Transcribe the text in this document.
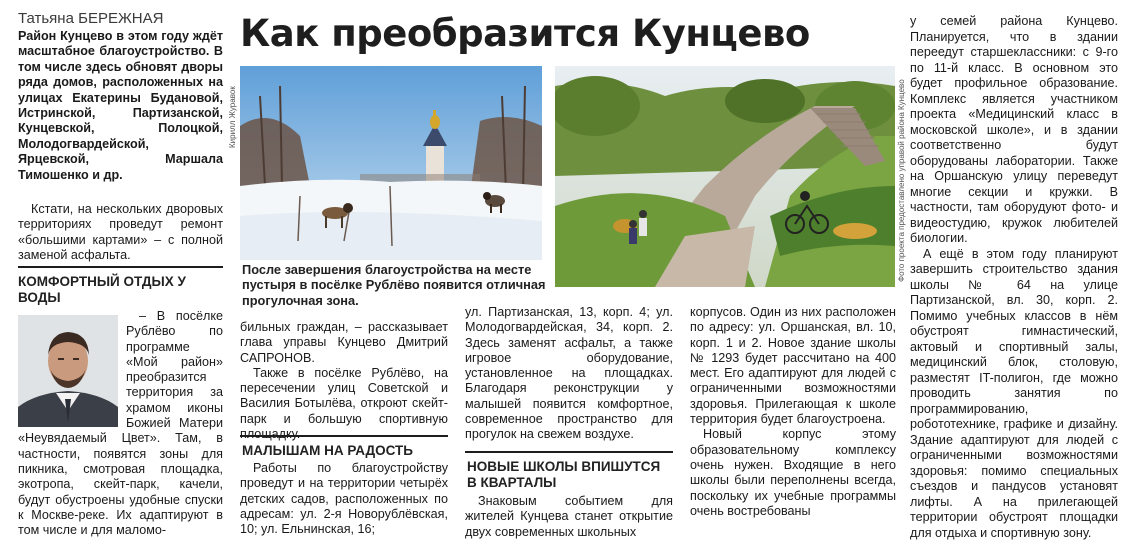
Татьяна БЕРЕЖНАЯ Как преобразится Кунцево
Район Кунцево в этом году ждёт масштабное благоустройство. В том числе здесь обновят дворы ряда домов, расположенных на улицах Екатерины Будановой, Истринской, Партизанской, Кунцевской, Полоцкой, Молодогвардейской, Ярцевской, Маршала Тимошенко и др.

Кстати, на нескольких дворовых территориях проведут ремонт «большими картами» – с полной заменой асфальта.

КОМФОРТНЫЙ ОТДЫХ У ВОДЫ

– В посёлке Рублёво по программе «Мой район» преобразится территория за храмом иконы Божией Матери «Неувядаемый Цвет». Там, в частности, появятся зоны для пикника, смотровая площадка, экотропа, скейт-парк, качели, будут обустроены удобные спуски к Москве-реке. Их адаптируют в том числе и для маломо-

Кирилл Журавок	Фото проекта предоставлено управой района Кунцево
После завершения благоустройства на месте пустыря в посёлке Рублёво появится отличная прогулочная зона.

бильных граждан, – рассказывает глава управы Кунцево Дмитрий САПРОНОВ.

Также в посёлке Рублёво, на пересечении улиц Советской и Василия Ботылёва, откроют скейт-парк и большую спортивную

МАЛЫШАМ НА РАДОСТЬ

Работы по благоустройству проведут и на территории четырёх детских садов, расположенных по адресам: ул. 2-я Новорублёвская, 10; ул. Ельнинская, 16;

ул. Партизанская, 13, корп. 4; ул. Молодогвардейская, 34, корп. 2. Здесь заменят асфальт, а также игровое оборудование, установленное на площадках. Благодаря реконструкции у малышей появится комфортное, современное пространство для прогулок на свежем воздухе.

НОВЫЕ ШКОЛЫ ВПИШУТСЯ В КВАРТАЛЫ

Знаковым событием для жителей Кунцева станет открытие двух современных школьных

корпусов. Один из них расположен по адресу: ул. Оршанская, вл. 10, корп. 1 и 2. Новое здание школы № 1293 будет рассчитано на 400 мест. Его адаптируют для людей с ограниченными возможностями здоровья. Прилегающая к школе территория будет благоустроена.

Новый корпус этому образовательному комплексу очень нужен. Входящие в него школы были переполнены всегда, поскольку их учебные программы очень востребованы

у семей района Кунцево. Планируется, что в здании переедут старшеклассники: с 9-го по 11-й класс. В основном это будет профильное образование. Комплекс является участником проекта «Медицинский класс в московской школе», и в здании соответственно будут оборудованы лаборатории. Также на Оршанскую улицу переведут многие секции и кружки. В частности, там оборудуют фото- и видеостудию, кружок любителей биологии.

А ещё в этом году планируют завершить строительство здания школы № 64 на улице Партизанской, вл. 30, корп. 2. Помимо учебных классов в нём обустроят гимнастический, актовый и спортивный залы, медицинский блок, столовую, разместят IT-полигон, где можно проводить занятия по программированию, робототехнике, графике и дизайну. Здание адаптируют для людей с ограниченными возможностями здоровья: помимо специальных съездов и пандусов установят лифты. А на прилегающей территории обустроят площадки для отдыха и спортивную зону.
